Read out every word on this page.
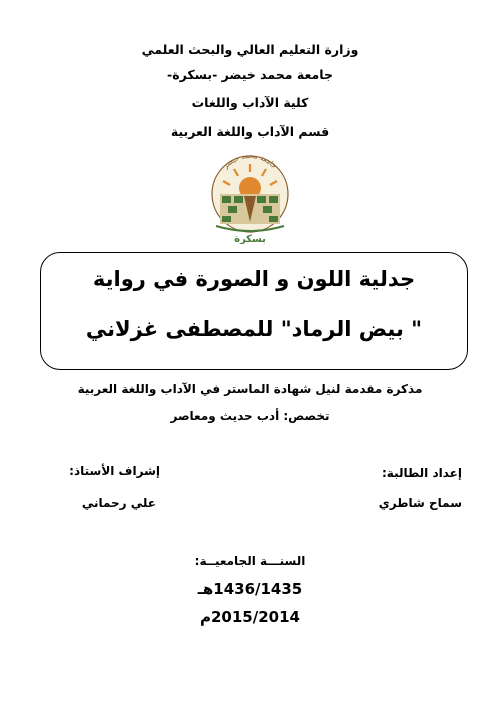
وزارة التعليم العالي والبحث العلمي
جامعة محمد خيضر -بسكرة-
كلية الآداب واللغات
قسم الآداب واللغة العربية
جامعة محمد خيضر
بسكرة
جدلية اللون و الصورة في رواية
" بيض الرماد" للمصطفى غزلاني
مذكرة مقدمة لنيل شهادة الماستر في الآداب واللغة العربية
تخصص: أدب حديث ومعاصر
إعداد الطالبة:
سماح شاطري
إشراف الأستاذ:
علي رحماني
السنـــة الجامعيــة:
1436/1435هـ
2015/2014م
